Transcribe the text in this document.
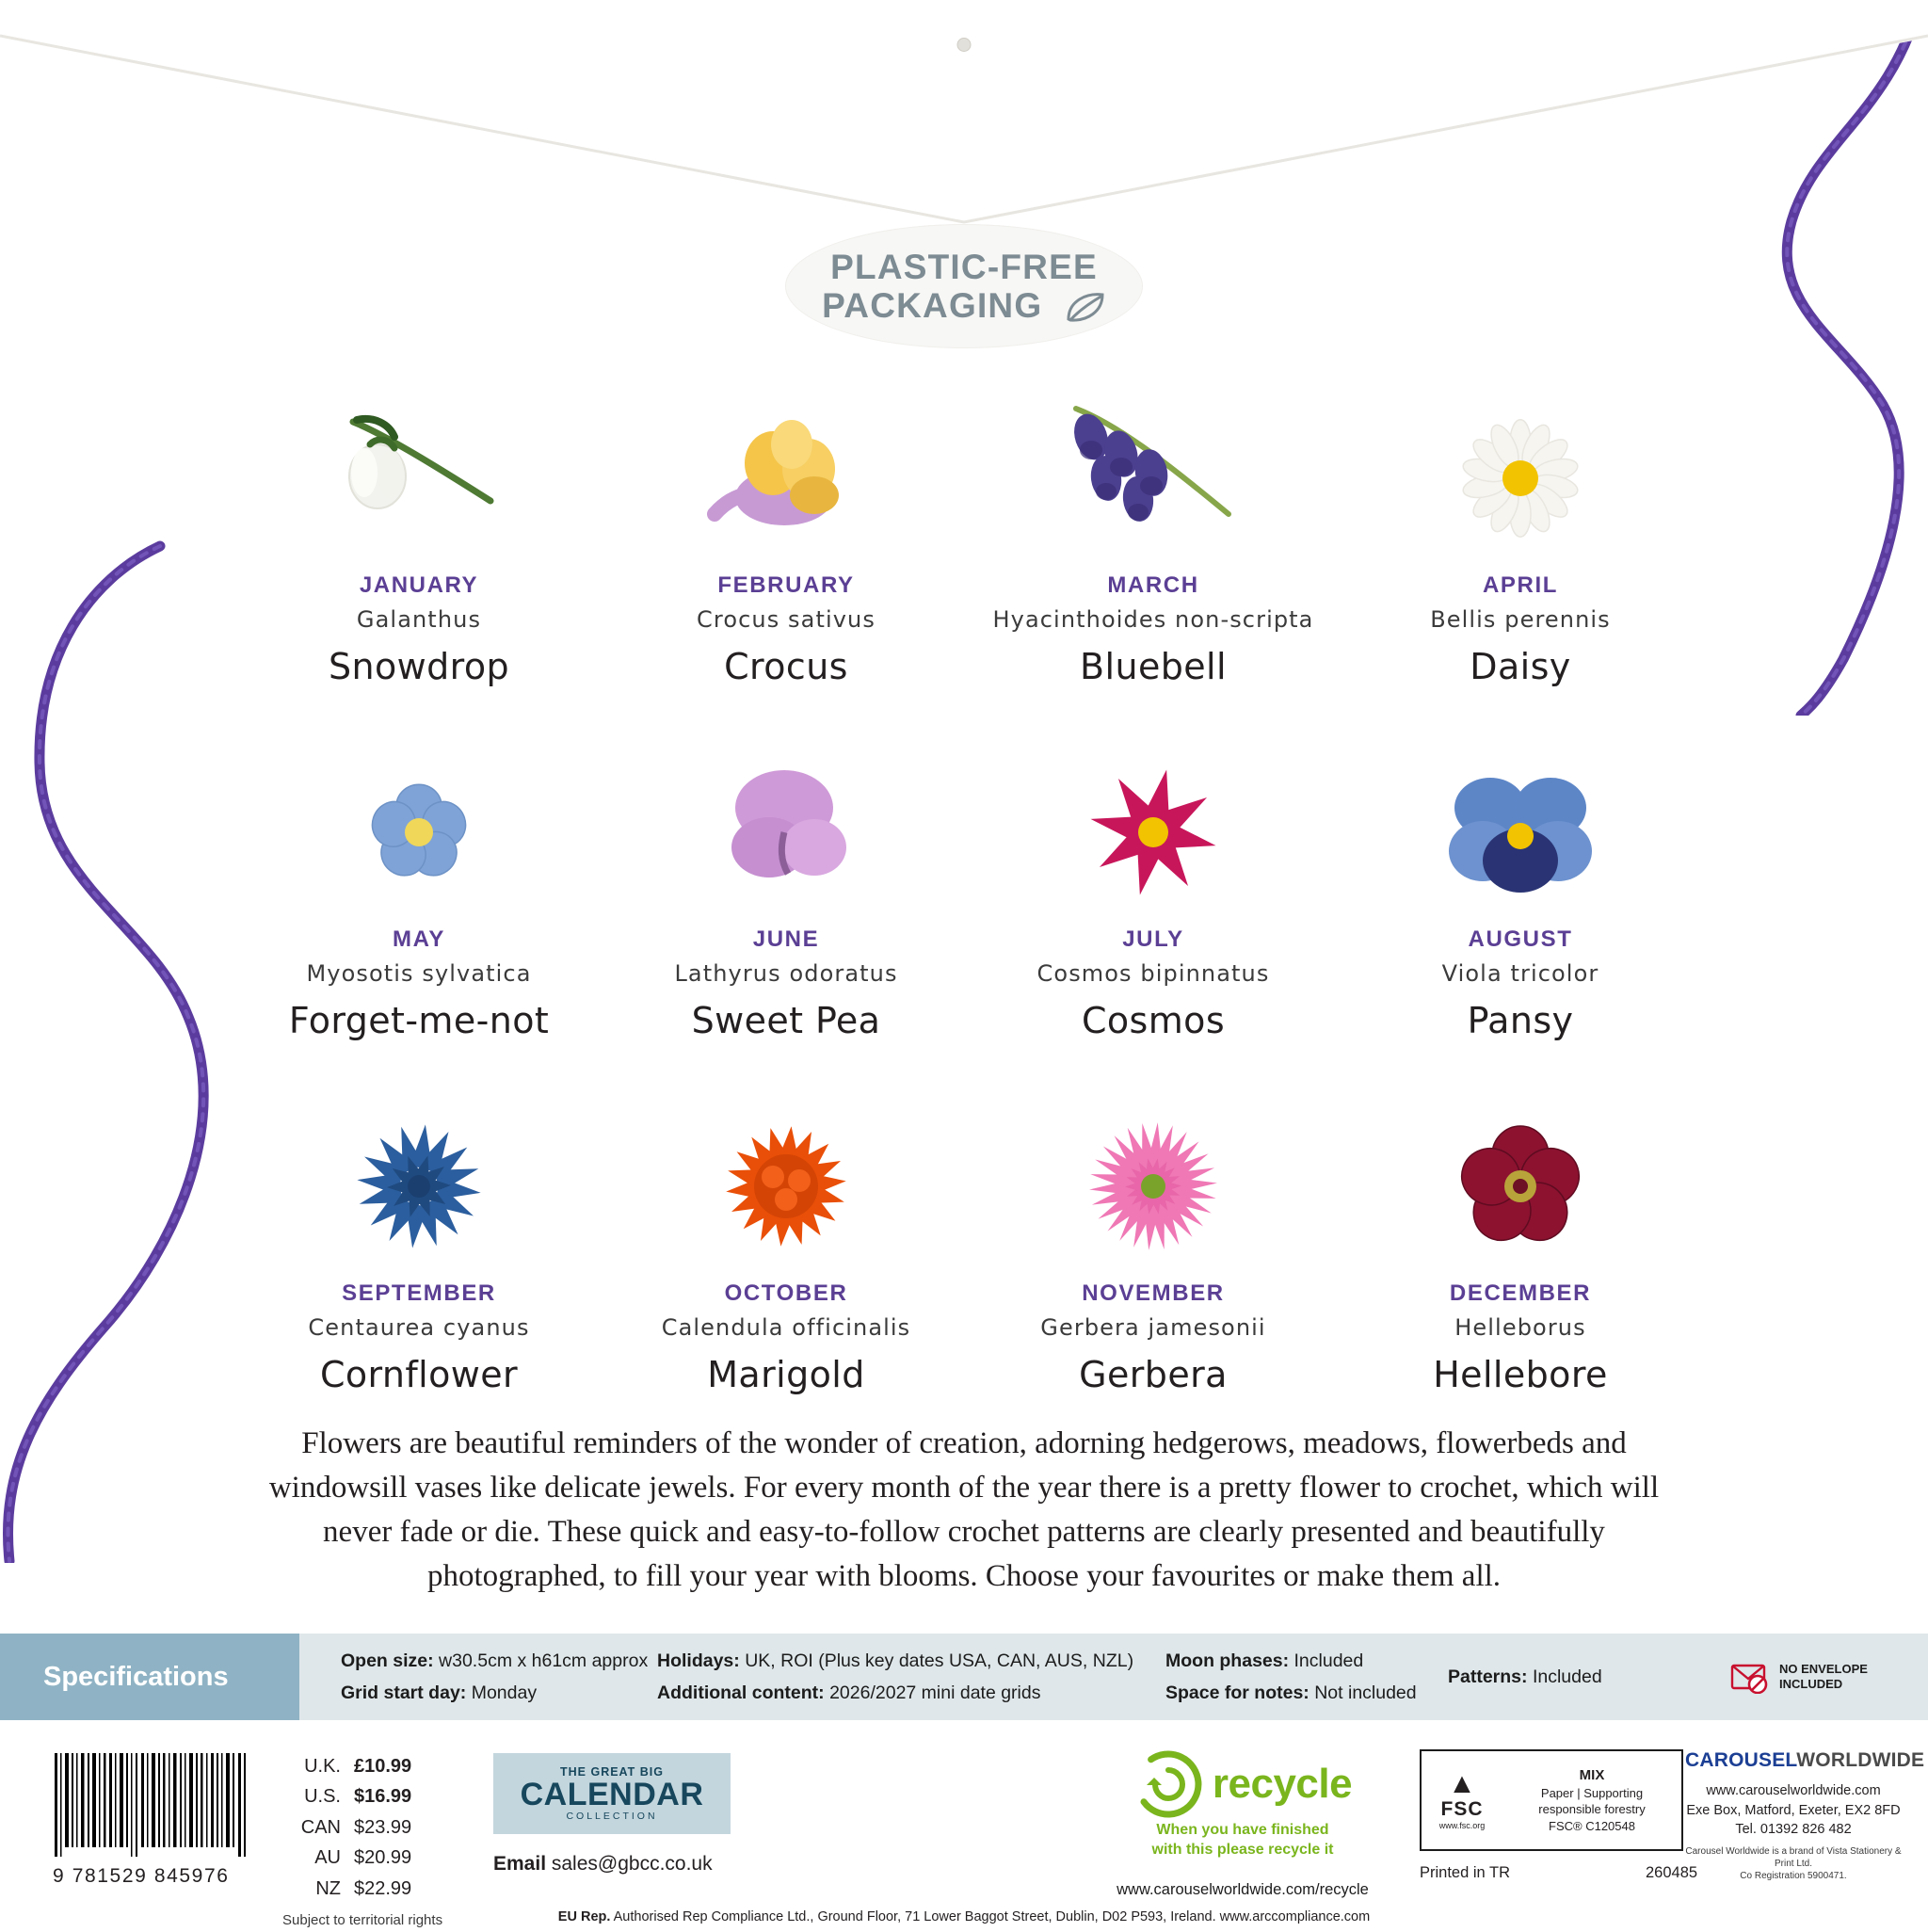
PLASTIC-FREE
PACKAGING
JANUARY
Galanthus
Snowdrop
FEBRUARY
Crocus sativus
Crocus
MARCH
Hyacinthoides non-scripta
Bluebell
APRIL
Bellis perennis
Daisy
MAY
Myosotis sylvatica
Forget-me-not
JUNE
Lathyrus odoratus
Sweet Pea
JULY
Cosmos bipinnatus
Cosmos
AUGUST
Viola tricolor
Pansy
SEPTEMBER
Centaurea cyanus
Cornflower
OCTOBER
Calendula officinalis
Marigold
NOVEMBER
Gerbera jamesonii
Gerbera
DECEMBER
Helleborus
Hellebore
Flowers are beautiful reminders of the wonder of creation, adorning hedgerows, meadows, flowerbeds and windowsill vases like delicate jewels. For every month of the year there is a pretty flower to crochet, which will never fade or die. These quick and easy-to-follow crochet patterns are clearly presented and beautifully photographed, to fill your year with blooms. Choose your favourites or make them all.
Specifications
Open size: w30.5cm x h61cm approx
Grid start day: Monday
Holidays: UK, ROI (Plus key dates USA, CAN, AUS, NZL)
Additional content: 2026/2027 mini date grids
Moon phases: Included
Space for notes: Not included
Patterns: Included	NO ENVELOPE
INCLUDED
9 781529 845976
U.K. £10.99
U.S. $16.99
CAN $23.99
AU $20.99
NZ $22.99
Subject to territorial rights
THE GREAT BIG
CALENDAR
COLLECTION
Email sales@gbcc.co.uk
recycle
When you have finished
with this please recycle it
www.carouselworldwide.com/recycle
▲
FSC
www.fsc.org
MIX
Paper | Supporting
responsible forestry
FSC® C120548
Printed in TR	260485
CAROUSELWORLDWIDE
www.carouselworldwide.com
Exe Box, Matford, Exeter, EX2 8FD
Tel. 01392 826 482
Carousel Worldwide is a brand of Vista Stationery & Print Ltd.
Co Registration 5900471.
EU Rep. Authorised Rep Compliance Ltd., Ground Floor, 71 Lower Baggot Street, Dublin, D02 P593, Ireland. www.arccompliance.com
